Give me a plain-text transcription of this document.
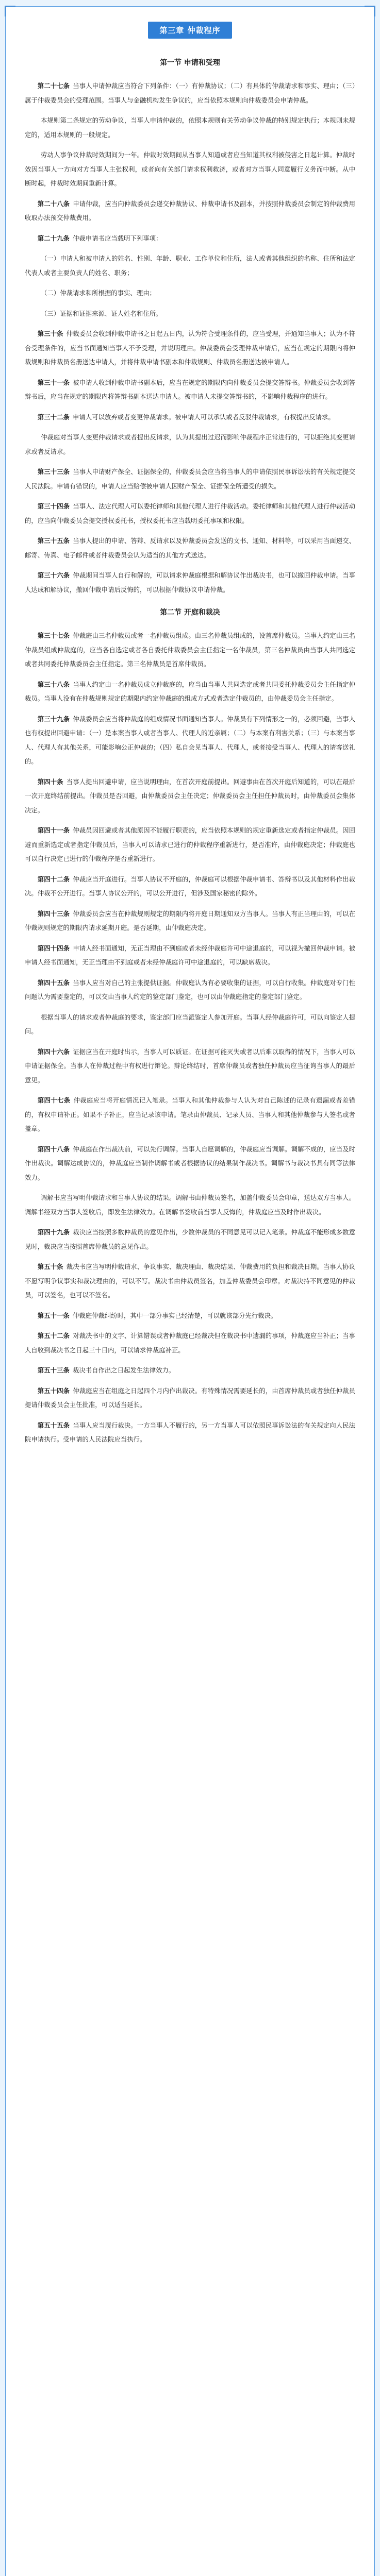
第三章 仲裁程序
第一节 申请和受理

第二十七条 当事人申请仲裁应当符合下列条件：（一）有仲裁协议；（二）有具体的仲裁请求和事实、理由；（三）属于仲裁委员会的受理范围。当事人与金融机构发生争议的，应当依照本规则向仲裁委员会申请仲裁。

本规则第二条规定的劳动争议，当事人申请仲裁的，依照本规则有关劳动争议仲裁的特别规定执行；本规则未规定的，适用本规则的一般规定。

劳动人事争议仲裁时效期间为一年。仲裁时效期间从当事人知道或者应当知道其权利被侵害之日起计算。仲裁时效因当事人一方向对方当事人主张权利，或者向有关部门请求权利救济，或者对方当事人同意履行义务而中断。从中断时起，仲裁时效期间重新计算。

第二十八条 申请仲裁，应当向仲裁委员会递交仲裁协议、仲裁申请书及副本，并按照仲裁委员会制定的仲裁费用收取办法预交仲裁费用。

第二十九条 仲裁申请书应当载明下列事项：

（一）申请人和被申请人的姓名、性别、年龄、职业、工作单位和住所，法人或者其他组织的名称、住所和法定代表人或者主要负责人的姓名、职务；

（二）仲裁请求和所根据的事实、理由；

（三）证据和证据来源、证人姓名和住所。

第三十条 仲裁委员会收到仲裁申请书之日起五日内，认为符合受理条件的，应当受理，并通知当事人；认为不符合受理条件的，应当书面通知当事人不予受理，并说明理由。仲裁委员会受理仲裁申请后，应当在规定的期限内将仲裁规则和仲裁员名册送达申请人，并将仲裁申请书副本和仲裁规则、仲裁员名册送达被申请人。

第三十一条 被申请人收到仲裁申请书副本后，应当在规定的期限内向仲裁委员会提交答辩书。仲裁委员会收到答辩书后，应当在规定的期限内将答辩书副本送达申请人。被申请人未提交答辩书的，不影响仲裁程序的进行。

第三十二条 申请人可以放弃或者变更仲裁请求。被申请人可以承认或者反驳仲裁请求，有权提出反请求。

仲裁庭对当事人变更仲裁请求或者提出反请求，认为其提出过迟而影响仲裁程序正常进行的，可以拒绝其变更请求或者反请求。

第三十三条 当事人申请财产保全、证据保全的，仲裁委员会应当将当事人的申请依照民事诉讼法的有关规定提交人民法院。申请有错误的，申请人应当赔偿被申请人因财产保全、证据保全所遭受的损失。

第三十四条 当事人、法定代理人可以委托律师和其他代理人进行仲裁活动。委托律师和其他代理人进行仲裁活动的，应当向仲裁委员会提交授权委托书，授权委托书应当载明委托事项和权限。

第三十五条 当事人提出的申请、答辩、反请求以及仲裁委员会发送的文书、通知、材料等，可以采用当面递交、邮寄、传真、电子邮件或者仲裁委员会认为适当的其他方式送达。

第三十六条 仲裁期间当事人自行和解的，可以请求仲裁庭根据和解协议作出裁决书，也可以撤回仲裁申请。当事人达成和解协议，撤回仲裁申请后反悔的，可以根据仲裁协议申请仲裁。

第二节 开庭和裁决

第三十七条 仲裁庭由三名仲裁员或者一名仲裁员组成。由三名仲裁员组成的，设首席仲裁员。当事人约定由三名仲裁员组成仲裁庭的，应当各自选定或者各自委托仲裁委员会主任指定一名仲裁员，第三名仲裁员由当事人共同选定或者共同委托仲裁委员会主任指定。第三名仲裁员是首席仲裁员。

第三十八条 当事人约定由一名仲裁员成立仲裁庭的，应当由当事人共同选定或者共同委托仲裁委员会主任指定仲裁员。当事人没有在仲裁规则规定的期限内约定仲裁庭的组成方式或者选定仲裁员的，由仲裁委员会主任指定。

第三十九条 仲裁委员会应当将仲裁庭的组成情况书面通知当事人。仲裁员有下列情形之一的，必须回避，当事人也有权提出回避申请：（一）是本案当事人或者当事人、代理人的近亲属；（二）与本案有利害关系；（三）与本案当事人、代理人有其他关系，可能影响公正仲裁的；（四）私自会见当事人、代理人，或者接受当事人、代理人的请客送礼的。

第四十条 当事人提出回避申请，应当说明理由，在首次开庭前提出。回避事由在首次开庭后知道的，可以在最后一次开庭终结前提出。仲裁员是否回避，由仲裁委员会主任决定；仲裁委员会主任担任仲裁员时，由仲裁委员会集体决定。

第四十一条 仲裁员因回避或者其他原因不能履行职责的，应当依照本规则的规定重新选定或者指定仲裁员。因回避而重新选定或者指定仲裁员后，当事人可以请求已进行的仲裁程序重新进行，是否准许，由仲裁庭决定；仲裁庭也可以自行决定已进行的仲裁程序是否重新进行。

第四十二条 仲裁应当开庭进行。当事人协议不开庭的，仲裁庭可以根据仲裁申请书、答辩书以及其他材料作出裁决。仲裁不公开进行。当事人协议公开的，可以公开进行，但涉及国家秘密的除外。

第四十三条 仲裁委员会应当在仲裁规则规定的期限内将开庭日期通知双方当事人。当事人有正当理由的，可以在仲裁规则规定的期限内请求延期开庭。是否延期，由仲裁庭决定。

第四十四条 申请人经书面通知，无正当理由不到庭或者未经仲裁庭许可中途退庭的，可以视为撤回仲裁申请。被申请人经书面通知，无正当理由不到庭或者未经仲裁庭许可中途退庭的，可以缺席裁决。

第四十五条 当事人应当对自己的主张提供证据。仲裁庭认为有必要收集的证据，可以自行收集。仲裁庭对专门性问题认为需要鉴定的，可以交由当事人约定的鉴定部门鉴定，也可以由仲裁庭指定的鉴定部门鉴定。

根据当事人的请求或者仲裁庭的要求，鉴定部门应当派鉴定人参加开庭。当事人经仲裁庭许可，可以向鉴定人提问。

第四十六条 证据应当在开庭时出示，当事人可以质证。在证据可能灭失或者以后难以取得的情况下，当事人可以申请证据保全。当事人在仲裁过程中有权进行辩论。辩论终结时，首席仲裁员或者独任仲裁员应当征询当事人的最后意见。

第四十七条 仲裁庭应当将开庭情况记入笔录。当事人和其他仲裁参与人认为对自己陈述的记录有遗漏或者差错的，有权申请补正。如果不予补正，应当记录该申请。笔录由仲裁员、记录人员、当事人和其他仲裁参与人签名或者盖章。

第四十八条 仲裁庭在作出裁决前，可以先行调解。当事人自愿调解的，仲裁庭应当调解。调解不成的，应当及时作出裁决。调解达成协议的，仲裁庭应当制作调解书或者根据协议的结果制作裁决书。调解书与裁决书具有同等法律效力。

调解书应当写明仲裁请求和当事人协议的结果。调解书由仲裁员签名，加盖仲裁委员会印章，送达双方当事人。调解书经双方当事人签收后，即发生法律效力。在调解书签收前当事人反悔的，仲裁庭应当及时作出裁决。

第四十九条 裁决应当按照多数仲裁员的意见作出，少数仲裁员的不同意见可以记入笔录。仲裁庭不能形成多数意见时，裁决应当按照首席仲裁员的意见作出。

第五十条 裁决书应当写明仲裁请求、争议事实、裁决理由、裁决结果、仲裁费用的负担和裁决日期。当事人协议不愿写明争议事实和裁决理由的，可以不写。裁决书由仲裁员签名，加盖仲裁委员会印章。对裁决持不同意见的仲裁员，可以签名，也可以不签名。

第五十一条 仲裁庭仲裁纠纷时，其中一部分事实已经清楚，可以就该部分先行裁决。

第五十二条 对裁决书中的文字、计算错误或者仲裁庭已经裁决但在裁决书中遗漏的事项，仲裁庭应当补正；当事人自收到裁决书之日起三十日内，可以请求仲裁庭补正。

第五十三条 裁决书自作出之日起发生法律效力。

第五十四条 仲裁庭应当在组庭之日起四个月内作出裁决。有特殊情况需要延长的，由首席仲裁员或者独任仲裁员提请仲裁委员会主任批准，可以适当延长。

第五十五条 当事人应当履行裁决。一方当事人不履行的，另一方当事人可以依照民事诉讼法的有关规定向人民法院申请执行。受申请的人民法院应当执行。
